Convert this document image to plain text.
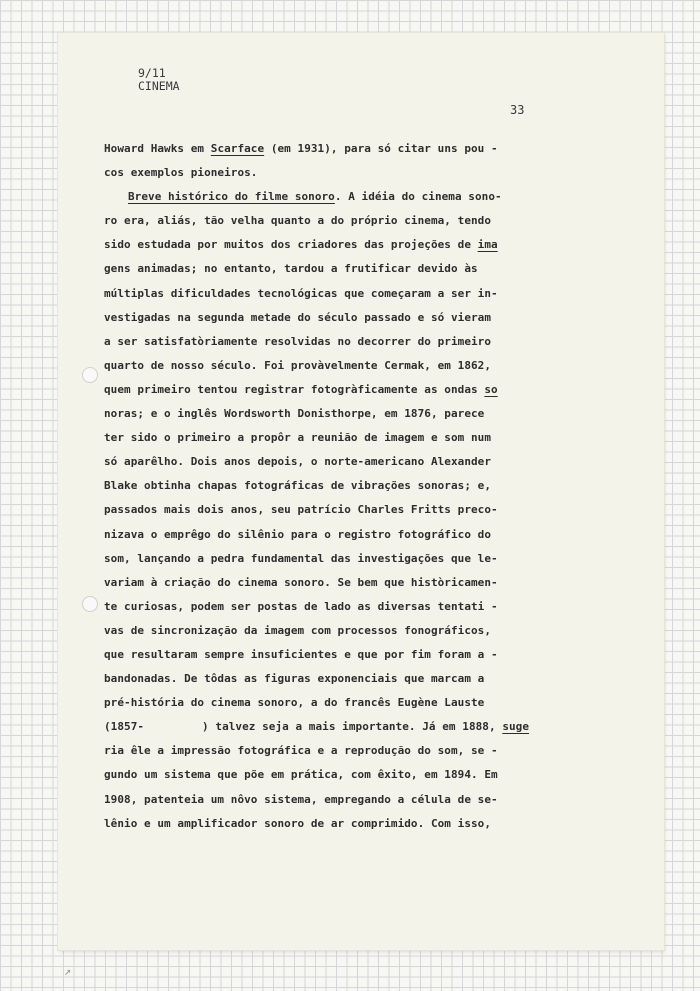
9/11
CINEMA
33
Howard Hawks em Scarface (em 1931), para só citar uns pou -
cos exemplos pioneiros.
Breve histórico do filme sonoro. A idéia do cinema sono-
ro era, aliás, tão velha quanto a do próprio cinema, tendo
sido estudada por muitos dos criadores das projeções de ima
gens animadas; no entanto, tardou a frutificar devido às
múltiplas dificuldades tecnológicas que começaram a ser in-
vestigadas na segunda metade do século passado e só vieram
a ser satisfatòriamente resolvidas no decorrer do primeiro
quarto de nosso século. Foi provàvelmente Cermak, em 1862,
quem primeiro tentou registrar fotogràficamente as ondas so
noras; e o inglês Wordsworth Donisthorpe, em 1876, parece
ter sido o primeiro a propôr a reunião de imagem e som num
só aparêlho. Dois anos depois, o norte-americano Alexander
Blake obtinha chapas fotográficas de vibrações sonoras; e,
passados mais dois anos, seu patrício Charles Fritts preco-
nizava o emprêgo do silênio para o registro fotográfico do
som, lançando a pedra fundamental das investigações que le-
variam à criação do cinema sonoro. Se bem que històricamen-
te curiosas, podem ser postas de lado as diversas tentati -
vas de sincronização da imagem com processos fonográficos,
que resultaram sempre insuficientes e que por fim foram a -
bandonadas. De tôdas as figuras exponenciais que marcam a
pré-história do cinema sonoro, a do francês Eugène Lauste
(1857-	) talvez seja a mais importante. Já em 1888, suge
ria êle a impressão fotográfica e a reprodução do som, se -
gundo um sistema que põe em prática, com êxito, em 1894. Em
1908, patenteia um nôvo sistema, empregando a célula de se-
lênio e um amplificador sonoro de ar comprimido. Com isso,
↗
